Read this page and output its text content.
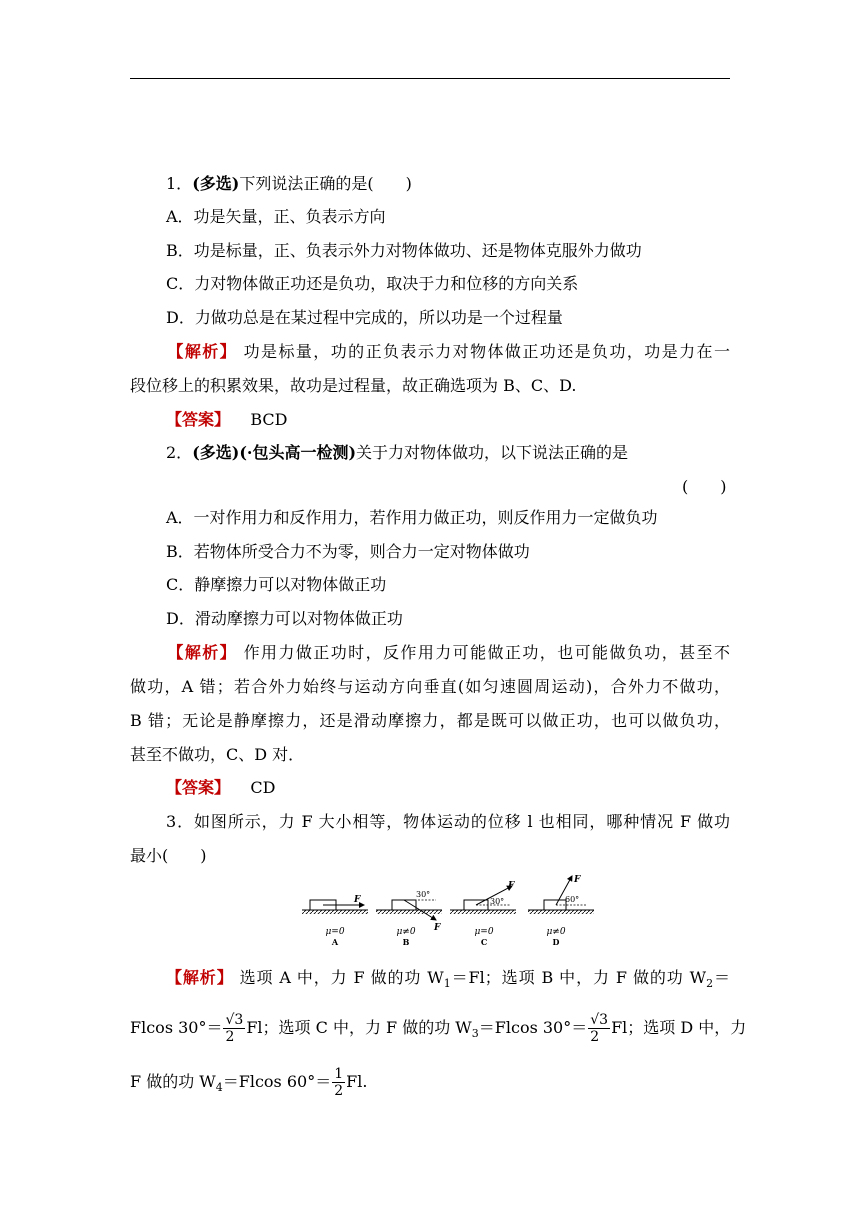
1．(多选)下列说法正确的是(　　)
A．功是矢量，正、负表示方向
B．功是标量，正、负表示外力对物体做功、还是物体克服外力做功
C．力对物体做正功还是负功，取决于力和位移的方向关系
D．力做功总是在某过程中完成的，所以功是一个过程量
【解析】 功是标量，功的正负表示力对物体做正功还是负功，功是力在一
段位移上的积累效果，故功是过程量，故正确选项为 B、C、D.
【答案】 BCD
2．(多选)(·包头高一检测)关于力对物体做功，以下说法正确的是
(　　)
A．一对作用力和反作用力，若作用力做正功，则反作用力一定做负功
B．若物体所受合力不为零，则合力一定对物体做功
C．静摩擦力可以对物体做正功
D．滑动摩擦力可以对物体做正功
【解析】 作用力做正功时，反作用力可能做正功，也可能做负功，甚至不
做功，A 错；若合外力始终与运动方向垂直(如匀速圆周运动)，合外力不做功，
B 错；无论是静摩擦力，还是滑动摩擦力，都是既可以做正功，也可以做负功，
甚至不做功，C、D 对．
【答案】 CD
3．如图所示，力 F 大小相等，物体运动的位移 l 也相同，哪种情况 F 做功
最小(　　)
F
μ=0
A
F
30°
μ≠0
B
F
30°
μ=0
C
F
60°
μ≠0
D
【解析】 选项 A 中，力 F 做的功 $W_1=Fl$；选项 B 中，力 F 做的功 $W_2=$
Flcos $30^\circ= \frac{√3}{2}$ Fl；选项 C 中，力 F 做的功 $W_3=Flcos$ $30^\circ= \frac{√3}{2}$ Fl；选项 D 中，力
F 做的功 $W_4=Flcos$ $60^\circ= \frac{1}{2} Fl$.
